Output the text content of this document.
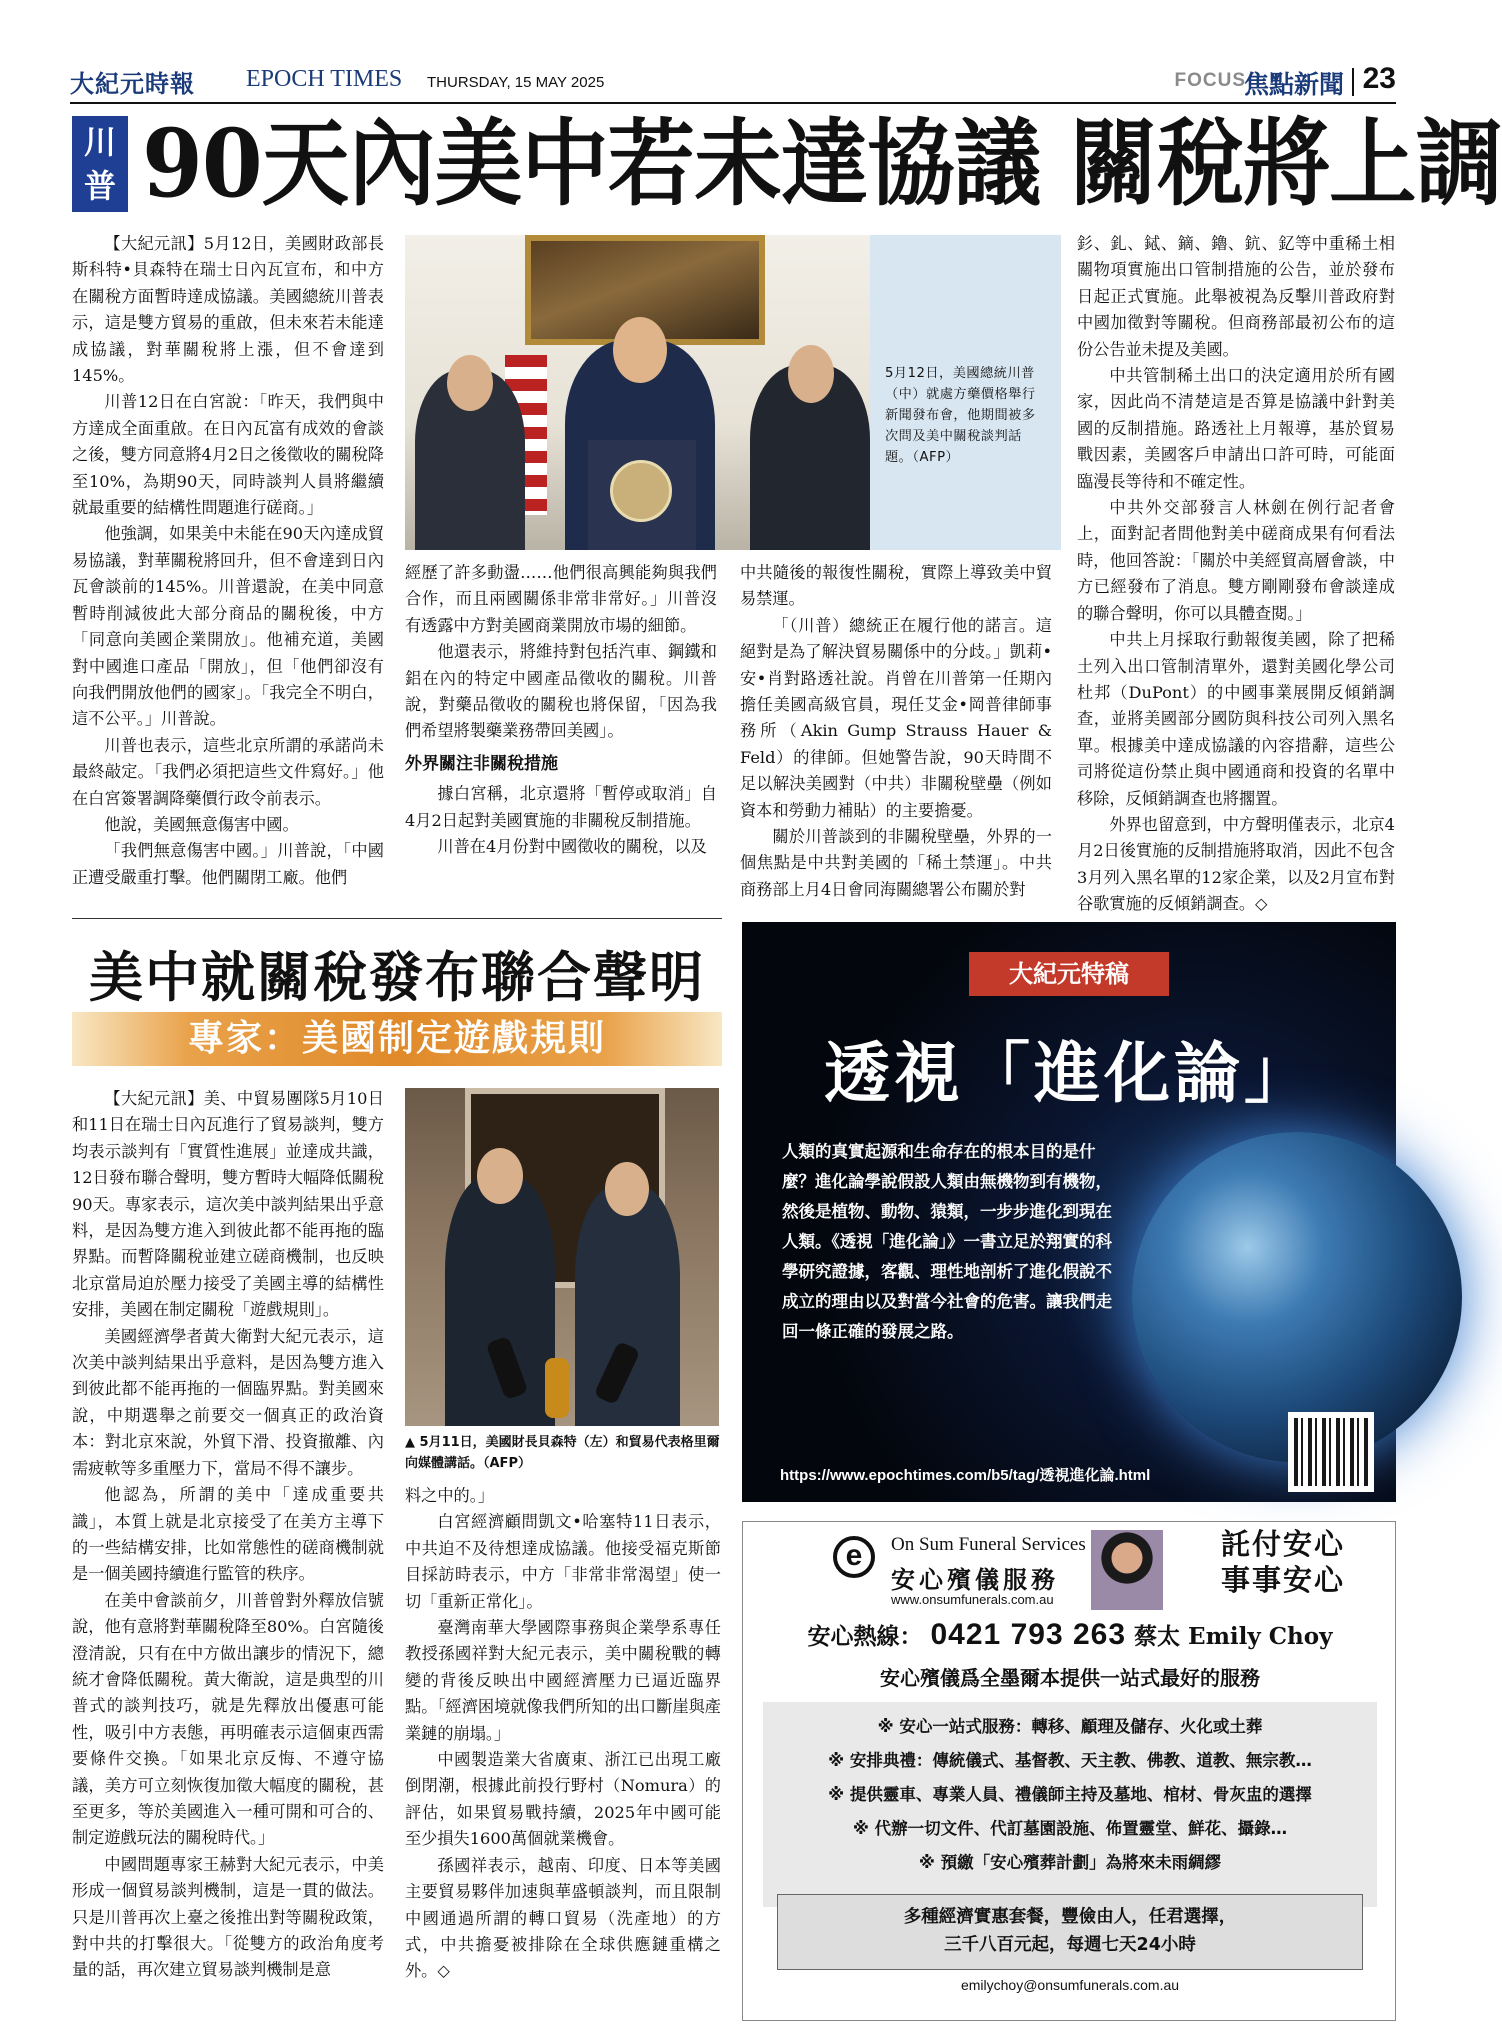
大紀元時報 EPOCH TIMES THURSDAY, 15 MAY 2025	FOCUS
焦點新聞 23
川普 90天內美中若未達協議 關稅將上調

【大紀元訊】5月12日，美國財政部長斯科特•貝森特在瑞士日內瓦宣布，和中方在關稅方面暫時達成協議。美國總統川普表示，這是雙方貿易的重啟，但未來若未能達成協議，對華關稅將上漲，但不會達到145%。

川普12日在白宮說：「昨天，我們與中方達成全面重啟。在日內瓦富有成效的會談之後，雙方同意將4月2日之後徵收的關稅降至10%，為期90天，同時談判人員將繼續就最重要的結構性問題進行磋商。」

他強調，如果美中未能在90天內達成貿易協議，對華關稅將回升，但不會達到日內瓦會談前的145%。川普還說，在美中同意暫時削減彼此大部分商品的關稅後，中方「同意向美國企業開放」。他補充道，美國對中國進口產品「開放」，但「他們卻沒有向我們開放他們的國家」。「我完全不明白，這不公平。」川普說。

川普也表示，這些北京所謂的承諾尚未最終敲定。「我們必須把這些文件寫好。」他在白宮簽署調降藥價行政令前表示。

他說，美國無意傷害中國。

「我們無意傷害中國。」川普說，「中國正遭受嚴重打擊。他們關閉工廠。他們

5月12日，美國總統川普（中）就處方藥價格舉行新聞發布會，他期間被多次問及美中關稅談判話題。（AFP）

經歷了許多動盪……他們很高興能夠與我們合作，而且兩國關係非常非常好。」川普沒有透露中方對美國商業開放市場的細節。

他還表示，將維持對包括汽車、鋼鐵和鋁在內的特定中國產品徵收的關稅。川普說，對藥品徵收的關稅也將保留，「因為我們希望將製藥業務帶回美國」。

外界關注非關稅措施

據白宮稱，北京還將「暫停或取消」自4月2日起對美國實施的非關稅反制措施。

川普在4月份對中國徵收的關稅，以及

中共隨後的報復性關稅，實際上導致美中貿易禁運。

「（川普）總統正在履行他的諾言。這絕對是為了解決貿易關係中的分歧。」凱莉•安•肖對路透社說。肖曾在川普第一任期內擔任美國高級官員，現任艾金•岡普律師事務所（Akin Gump Strauss Hauer & Feld）的律師。但她警告說，90天時間不足以解決美國對（中共）非關稅壁壘（例如資本和勞動力補貼）的主要擔憂。

關於川普談到的非關稅壁壘，外界的一個焦點是中共對美國的「稀土禁運」。中共商務部上月4日會同海關總署公布關於對

釤、釓、鋱、鏑、鑥、鈧、釔等中重稀土相關物項實施出口管制措施的公告，並於發布日起正式實施。此舉被視為反擊川普政府對中國加徵對等關稅。但商務部最初公布的這份公告並未提及美國。

中共管制稀土出口的決定適用於所有國家，因此尚不清楚這是否算是協議中針對美國的反制措施。路透社上月報導，基於貿易戰因素，美國客戶申請出口許可時，可能面臨漫長等待和不確定性。

中共外交部發言人林劍在例行記者會上，面對記者問他對美中磋商成果有何看法時，他回答說：「關於中美經貿高層會談，中方已經發布了消息。雙方剛剛發布會談達成的聯合聲明，你可以具體查閱。」

中共上月採取行動報復美國，除了把稀土列入出口管制清單外，還對美國化學公司杜邦（DuPont）的中國事業展開反傾銷調查，並將美國部分國防與科技公司列入黑名單。根據美中達成協議的內容措辭，這些公司將從這份禁止與中國通商和投資的名單中移除，反傾銷調查也將擱置。

外界也留意到，中方聲明僅表示，北京4月2日後實施的反制措施將取消，因此不包含3月列入黑名單的12家企業，以及2月宣布對谷歌實施的反傾銷調查。◇

美中就關稅發布聯合聲明
專家：美國制定遊戲規則

【大紀元訊】美、中貿易團隊5月10日和11日在瑞士日內瓦進行了貿易談判，雙方均表示談判有「實質性進展」並達成共識，12日發布聯合聲明，雙方暫時大幅降低關稅90天。專家表示，這次美中談判結果出乎意料，是因為雙方進入到彼此都不能再拖的臨界點。而暫降關稅並建立磋商機制，也反映北京當局迫於壓力接受了美國主導的結構性安排，美國在制定關稅「遊戲規則」。

美國經濟學者黃大衛對大紀元表示，這次美中談判結果出乎意料，是因為雙方進入到彼此都不能再拖的一個臨界點。對美國來說，中期選舉之前要交一個真正的政治資本：對北京來說，外貿下滑、投資撤離、內需疲軟等多重壓力下，當局不得不讓步。

他認為，所謂的美中「達成重要共識」，本質上就是北京接受了在美方主導下的一些結構安排，比如常態性的磋商機制就是一個美國持續進行監管的秩序。

在美中會談前夕，川普曾對外釋放信號說，他有意將對華關稅降至80%。白宮隨後澄清說，只有在中方做出讓步的情況下，總統才會降低關稅。黃大衛說，這是典型的川普式的談判技巧，就是先釋放出優惠可能性，吸引中方表態，再明確表示這個東西需要條件交換。「如果北京反悔、不遵守協議，美方可立刻恢復加徵大幅度的關稅，甚至更多，等於美國進入一種可開和可合的、制定遊戲玩法的關稅時代。」

中國問題專家王赫對大紀元表示，中美形成一個貿易談判機制，這是一貫的做法。只是川普再次上臺之後推出對等關稅政策，對中共的打擊很大。「從雙方的政治角度考量的話，再次建立貿易談判機制是意

▲ 5月11日，美國財長貝森特（左）和貿易代表格里爾向媒體講話。（AFP）

料之中的。」

白宮經濟顧問凱文•哈塞特11日表示，中共迫不及待想達成協議。他接受福克斯節目採訪時表示，中方「非常非常渴望」使一切「重新正常化」。

臺灣南華大學國際事務與企業學系專任教授孫國祥對大紀元表示，美中關稅戰的轉變的背後反映出中國經濟壓力已逼近臨界點。「經濟困境就像我們所知的出口斷崖與產業鏈的崩塌。」

中國製造業大省廣東、浙江已出現工廠倒閉潮，根據此前投行野村（Nomura）的評估，如果貿易戰持續，2025年中國可能至少損失1600萬個就業機會。

孫國祥表示，越南、印度、日本等美國主要貿易夥伴加速與華盛頓談判，而且限制中國通過所謂的轉口貿易（洗產地）的方式，中共擔憂被排除在全球供應鏈重構之外。◇

大紀元特稿
透視「進化論」
人類的真實起源和生命存在的根本目的是什麼？進化論學說假設人類由無機物到有機物，然後是植物、動物、猿類，一步步進化到現在人類。《透視「進化論」》一書立足於翔實的科學研究證據，客觀、理性地剖析了進化假說不成立的理由以及對當今社會的危害。讓我們走回一條正確的發展之路。
https://www.epochtimes.com/b5/tag/透視進化論.html
e	On Sum Funeral Services
安心殯儀服務
www.onsumfunerals.com.au
託付安心
事事安心
安心熱線： 0421 793 263 蔡太 Emily Choy
安心殯儀爲全墨爾本提供一站式最好的服務
※ 安心一站式服務：轉移、顧理及儲存、火化或土葬
※ 安排典禮：傳統儀式、基督教、天主教、佛教、道教、無宗教…
※ 提供靈車、專業人員、禮儀師主持及墓地、棺材、骨灰盅的選擇
※ 代辦一切文件、代訂墓園設施、佈置靈堂、鮮花、攝錄…
※ 預繳「安心殯葬計劃」為將來未雨綢繆
多種經濟實惠套餐，豐儉由人，任君選擇，
三千八百元起，每週七天24小時
emilychoy@onsumfunerals.com.au
